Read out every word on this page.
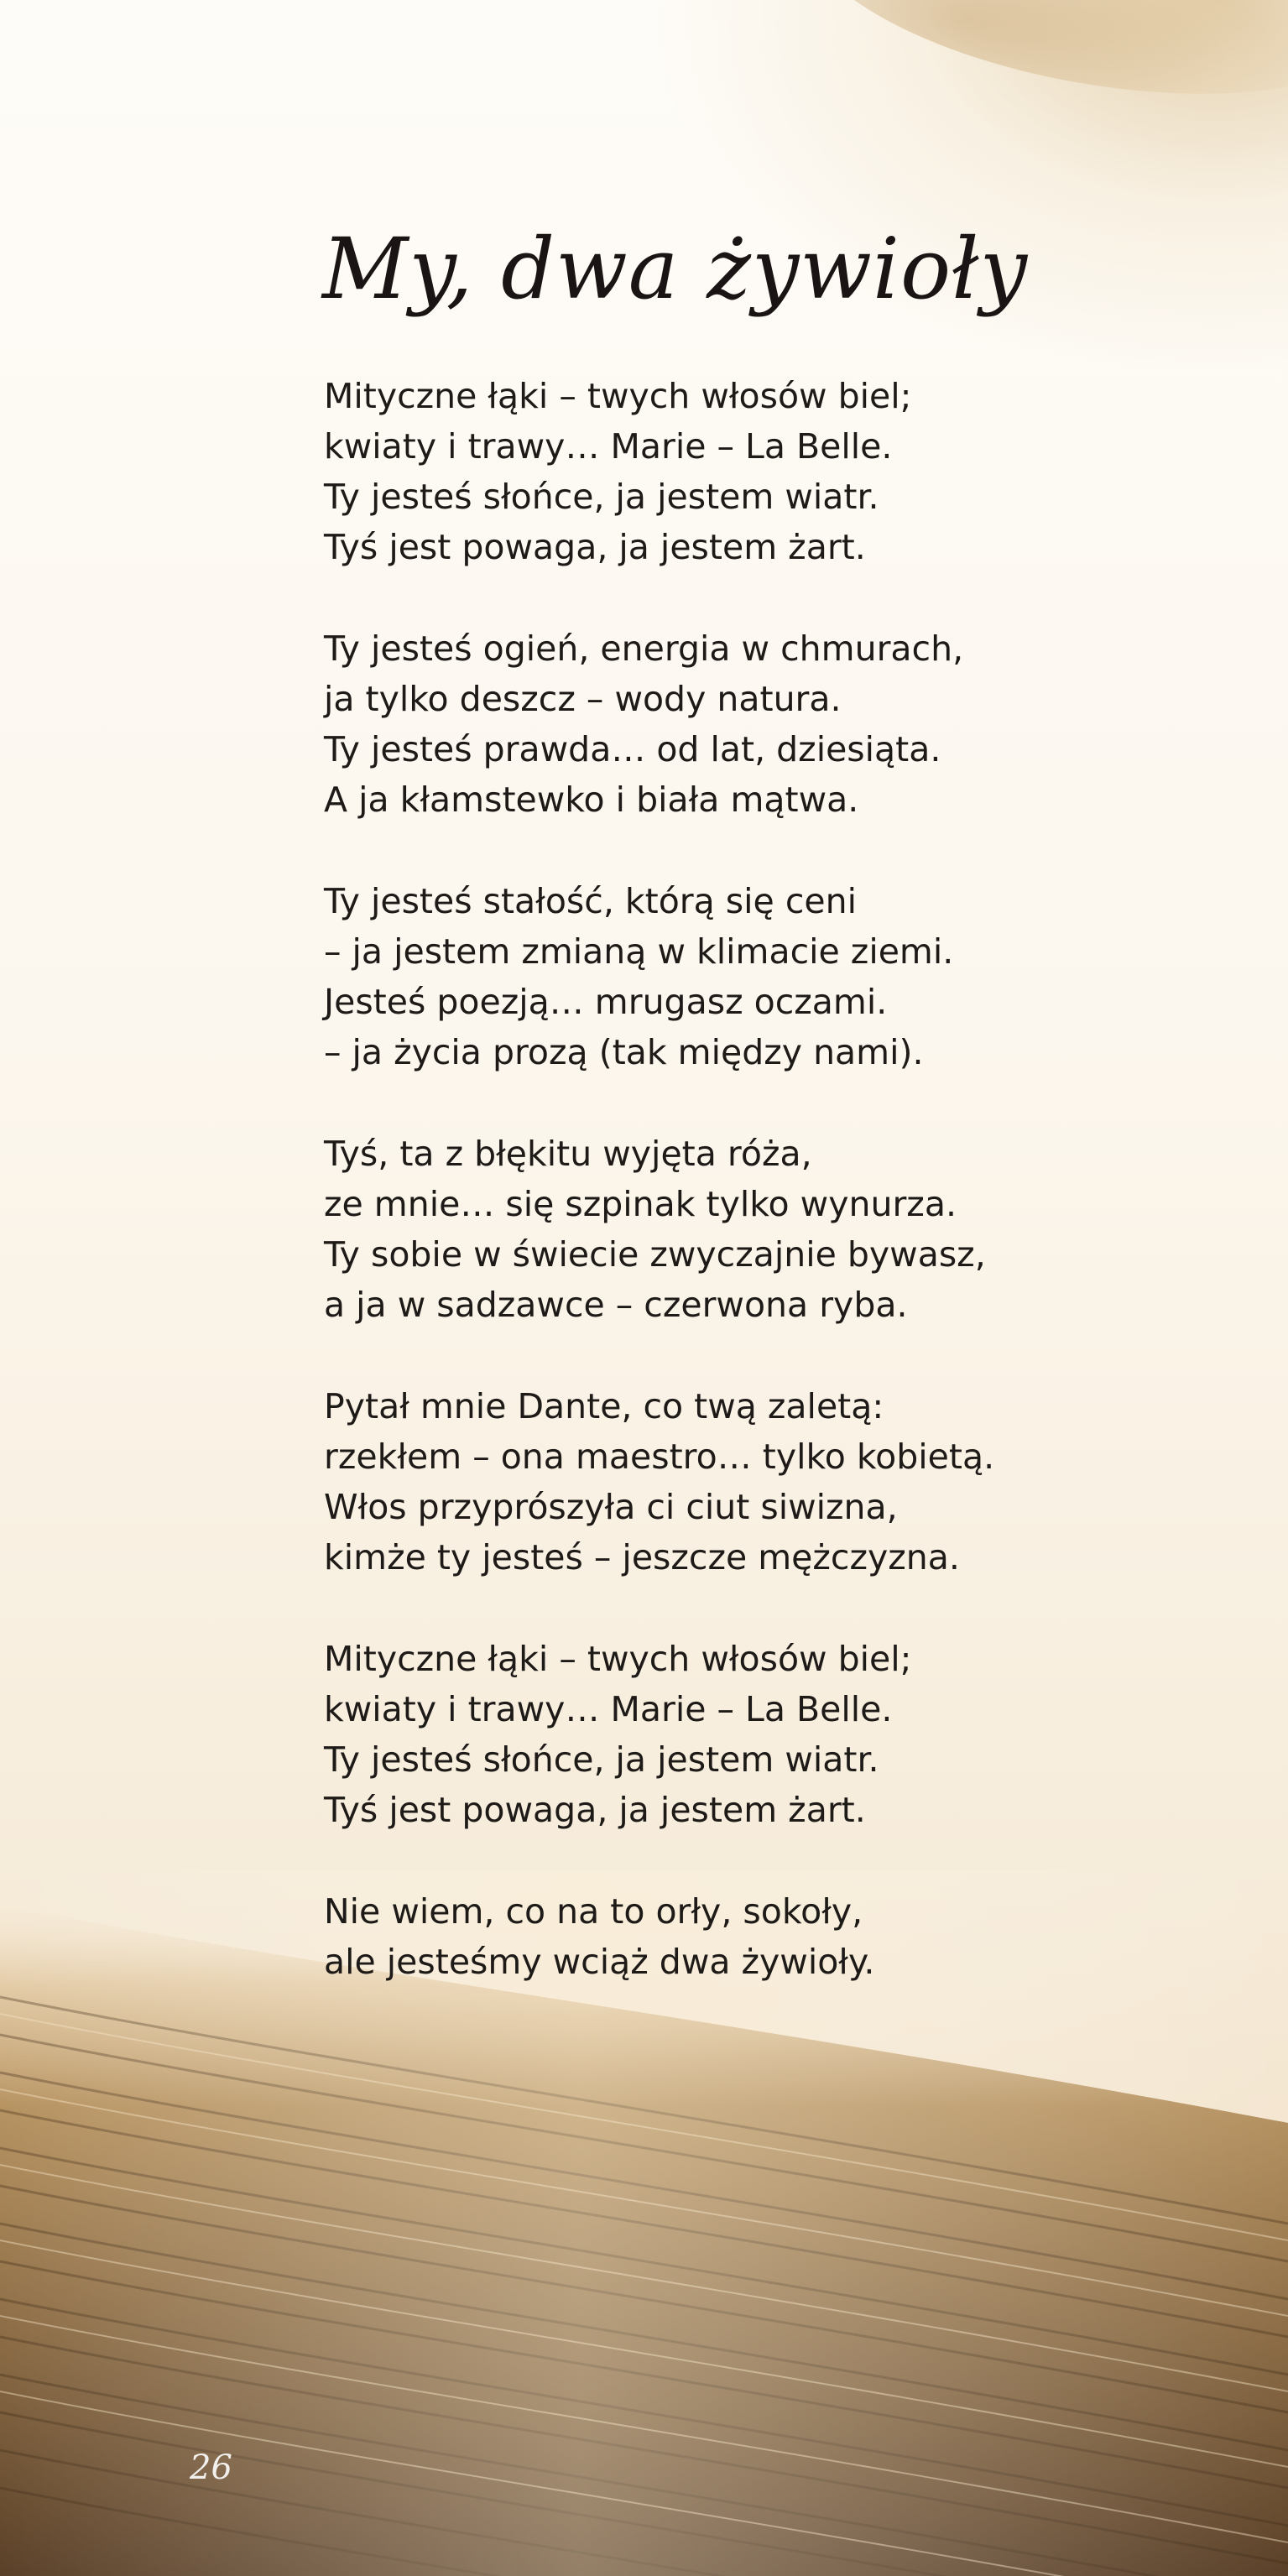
My, dwa żywioły

Mityczne łąki – twych włosów biel;
kwiaty i trawy… Marie – La Belle.
Ty jesteś słońce, ja jestem wiatr.
Tyś jest powaga, ja jestem żart.

Ty jesteś ogień, energia w chmurach,
ja tylko deszcz – wody natura.
Ty jesteś prawda… od lat, dziesiąta.
A ja kłamstewko i biała mątwa.

Ty jesteś stałość, którą się ceni
– ja jestem zmianą w klimacie ziemi.
Jesteś poezją… mrugasz oczami.
– ja życia prozą (tak między nami).

Tyś, ta z błękitu wyjęta róża,
ze mnie… się szpinak tylko wynurza.
Ty sobie w świecie zwyczajnie bywasz,
a ja w sadzawce – czerwona ryba.

Pytał mnie Dante, co twą zaletą:
rzekłem – ona maestro… tylko kobietą.
Włos przyprószyła ci ciut siwizna,
kimże ty jesteś – jeszcze mężczyzna.

Mityczne łąki – twych włosów biel;
kwiaty i trawy… Marie – La Belle.
Ty jesteś słońce, ja jestem wiatr.
Tyś jest powaga, ja jestem żart.

Nie wiem, co na to orły, sokoły,
ale jesteśmy wciąż dwa żywioły.

26
